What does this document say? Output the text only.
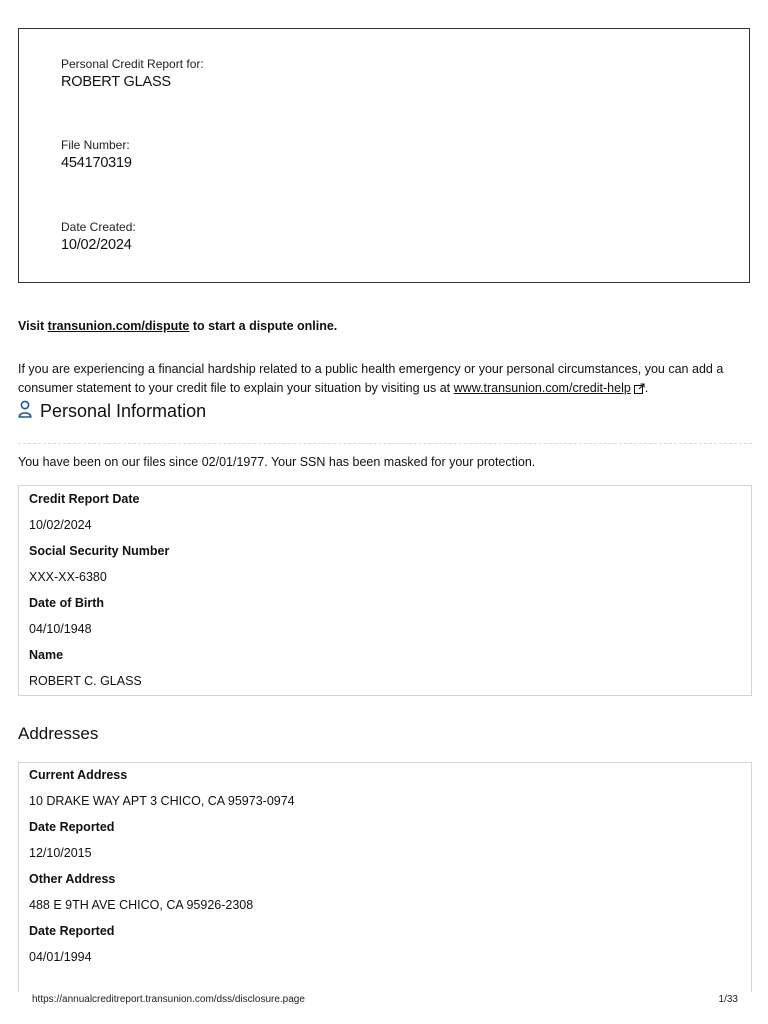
Personal Credit Report for:

ROBERT GLASS

File Number:

454170319

Date Created:

10/02/2024

Visit transunion.com/dispute to start a dispute online.
If you are experiencing a financial hardship related to a public health emergency or your personal circumstances, you can add a consumer statement to your credit file to explain your situation by visiting us at www.transunion.com/credit-help .
Personal Information
You have been on our files since 02/01/1977. Your SSN has been masked for your protection.
Credit Report Date
10/02/2024
Social Security Number
XXX-XX-6380
Date of Birth
04/10/1948
Name
ROBERT C. GLASS
Addresses
Current Address
10 DRAKE WAY APT 3 CHICO, CA 95973-0974
Date Reported
12/10/2015
Other Address
488 E 9TH AVE CHICO, CA 95926-2308
Date Reported
04/01/1994
https://annualcreditreport.transunion.com/dss/disclosure.page	1/33
